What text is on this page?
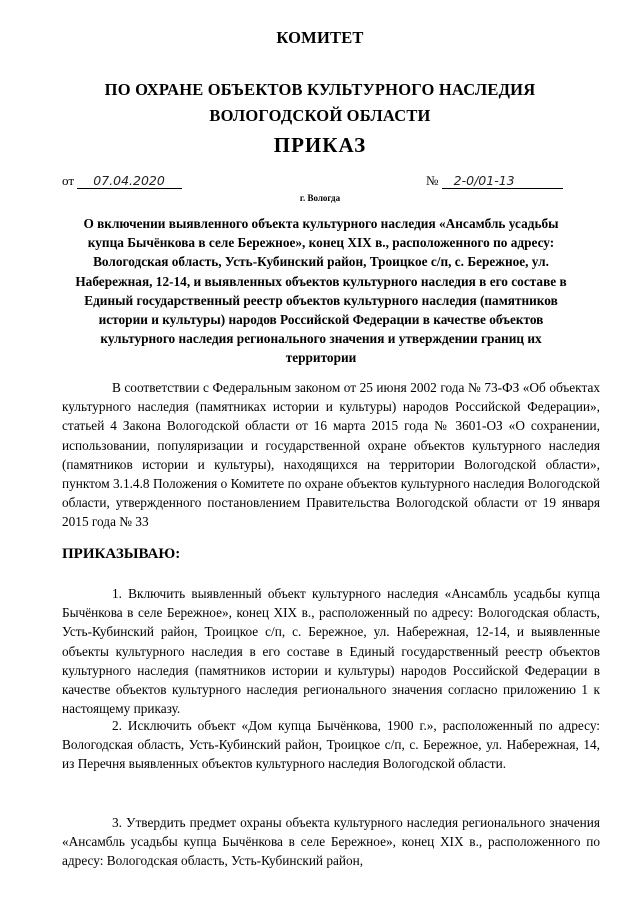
КОМИТЕТ
ПО ОХРАНЕ ОБЪЕКТОВ КУЛЬТУРНОГО НАСЛЕДИЯ
ВОЛОГОДСКОЙ ОБЛАСТИ
ПРИКАЗ
от 07.04.2020	№ 2-0/01-13
г. Вологда
О включении выявленного объекта культурного наследия «Ансамбль усадьбы купца Бычёнкова в селе Бережное», конец XIX в., расположенного по адресу: Вологодская область, Усть-Кубинский район, Троицкое с/п, с. Бережное, ул. Набережная, 12-14, и выявленных объектов культурного наследия в его составе в Единый государственный реестр объектов культурного наследия (памятников истории и культуры) народов Российской Федерации в качестве объектов культурного наследия регионального значения и утверждении границ их территории

В соответствии с Федеральным законом от 25 июня 2002 года № 73-ФЗ «Об объектах культурного наследия (памятниках истории и культуры) народов Российской Федерации», статьей 4 Закона Вологодской области от 16 марта 2015 года № 3601-ОЗ «О сохранении, использовании, популяризации и государственной охране объектов культурного наследия (памятников истории и культуры), находящихся на территории Вологодской области», пунктом 3.1.4.8 Положения о Комитете по охране объектов культурного наследия Вологодской области, утвержденного постановлением Правительства Вологодской области от 19 января 2015 года № 33

ПРИКАЗЫВАЮ:

1. Включить выявленный объект культурного наследия «Ансамбль усадьбы купца Бычёнкова в селе Бережное», конец XIX в., расположенный по адресу: Вологодская область, Усть-Кубинский район, Троицкое с/п, с. Бережное, ул. Набережная, 12-14, и выявленные объекты культурного наследия в его составе в Единый государственный реестр объектов культурного наследия (памятников истории и культуры) народов Российской Федерации в качестве объектов культурного наследия регионального значения согласно приложению 1 к настоящему приказу.

2. Исключить объект «Дом купца Бычёнкова, 1900 г.», расположенный по адресу: Вологодская область, Усть-Кубинский район, Троицкое с/п, с. Бережное, ул. Набережная, 14, из Перечня выявленных объектов культурного наследия Вологодской области.

3. Утвердить предмет охраны объекта культурного наследия регионального значения «Ансамбль усадьбы купца Бычёнкова в селе Бережное», конец XIX в., расположенного по адресу: Вологодская область, Усть-Кубинский район,
